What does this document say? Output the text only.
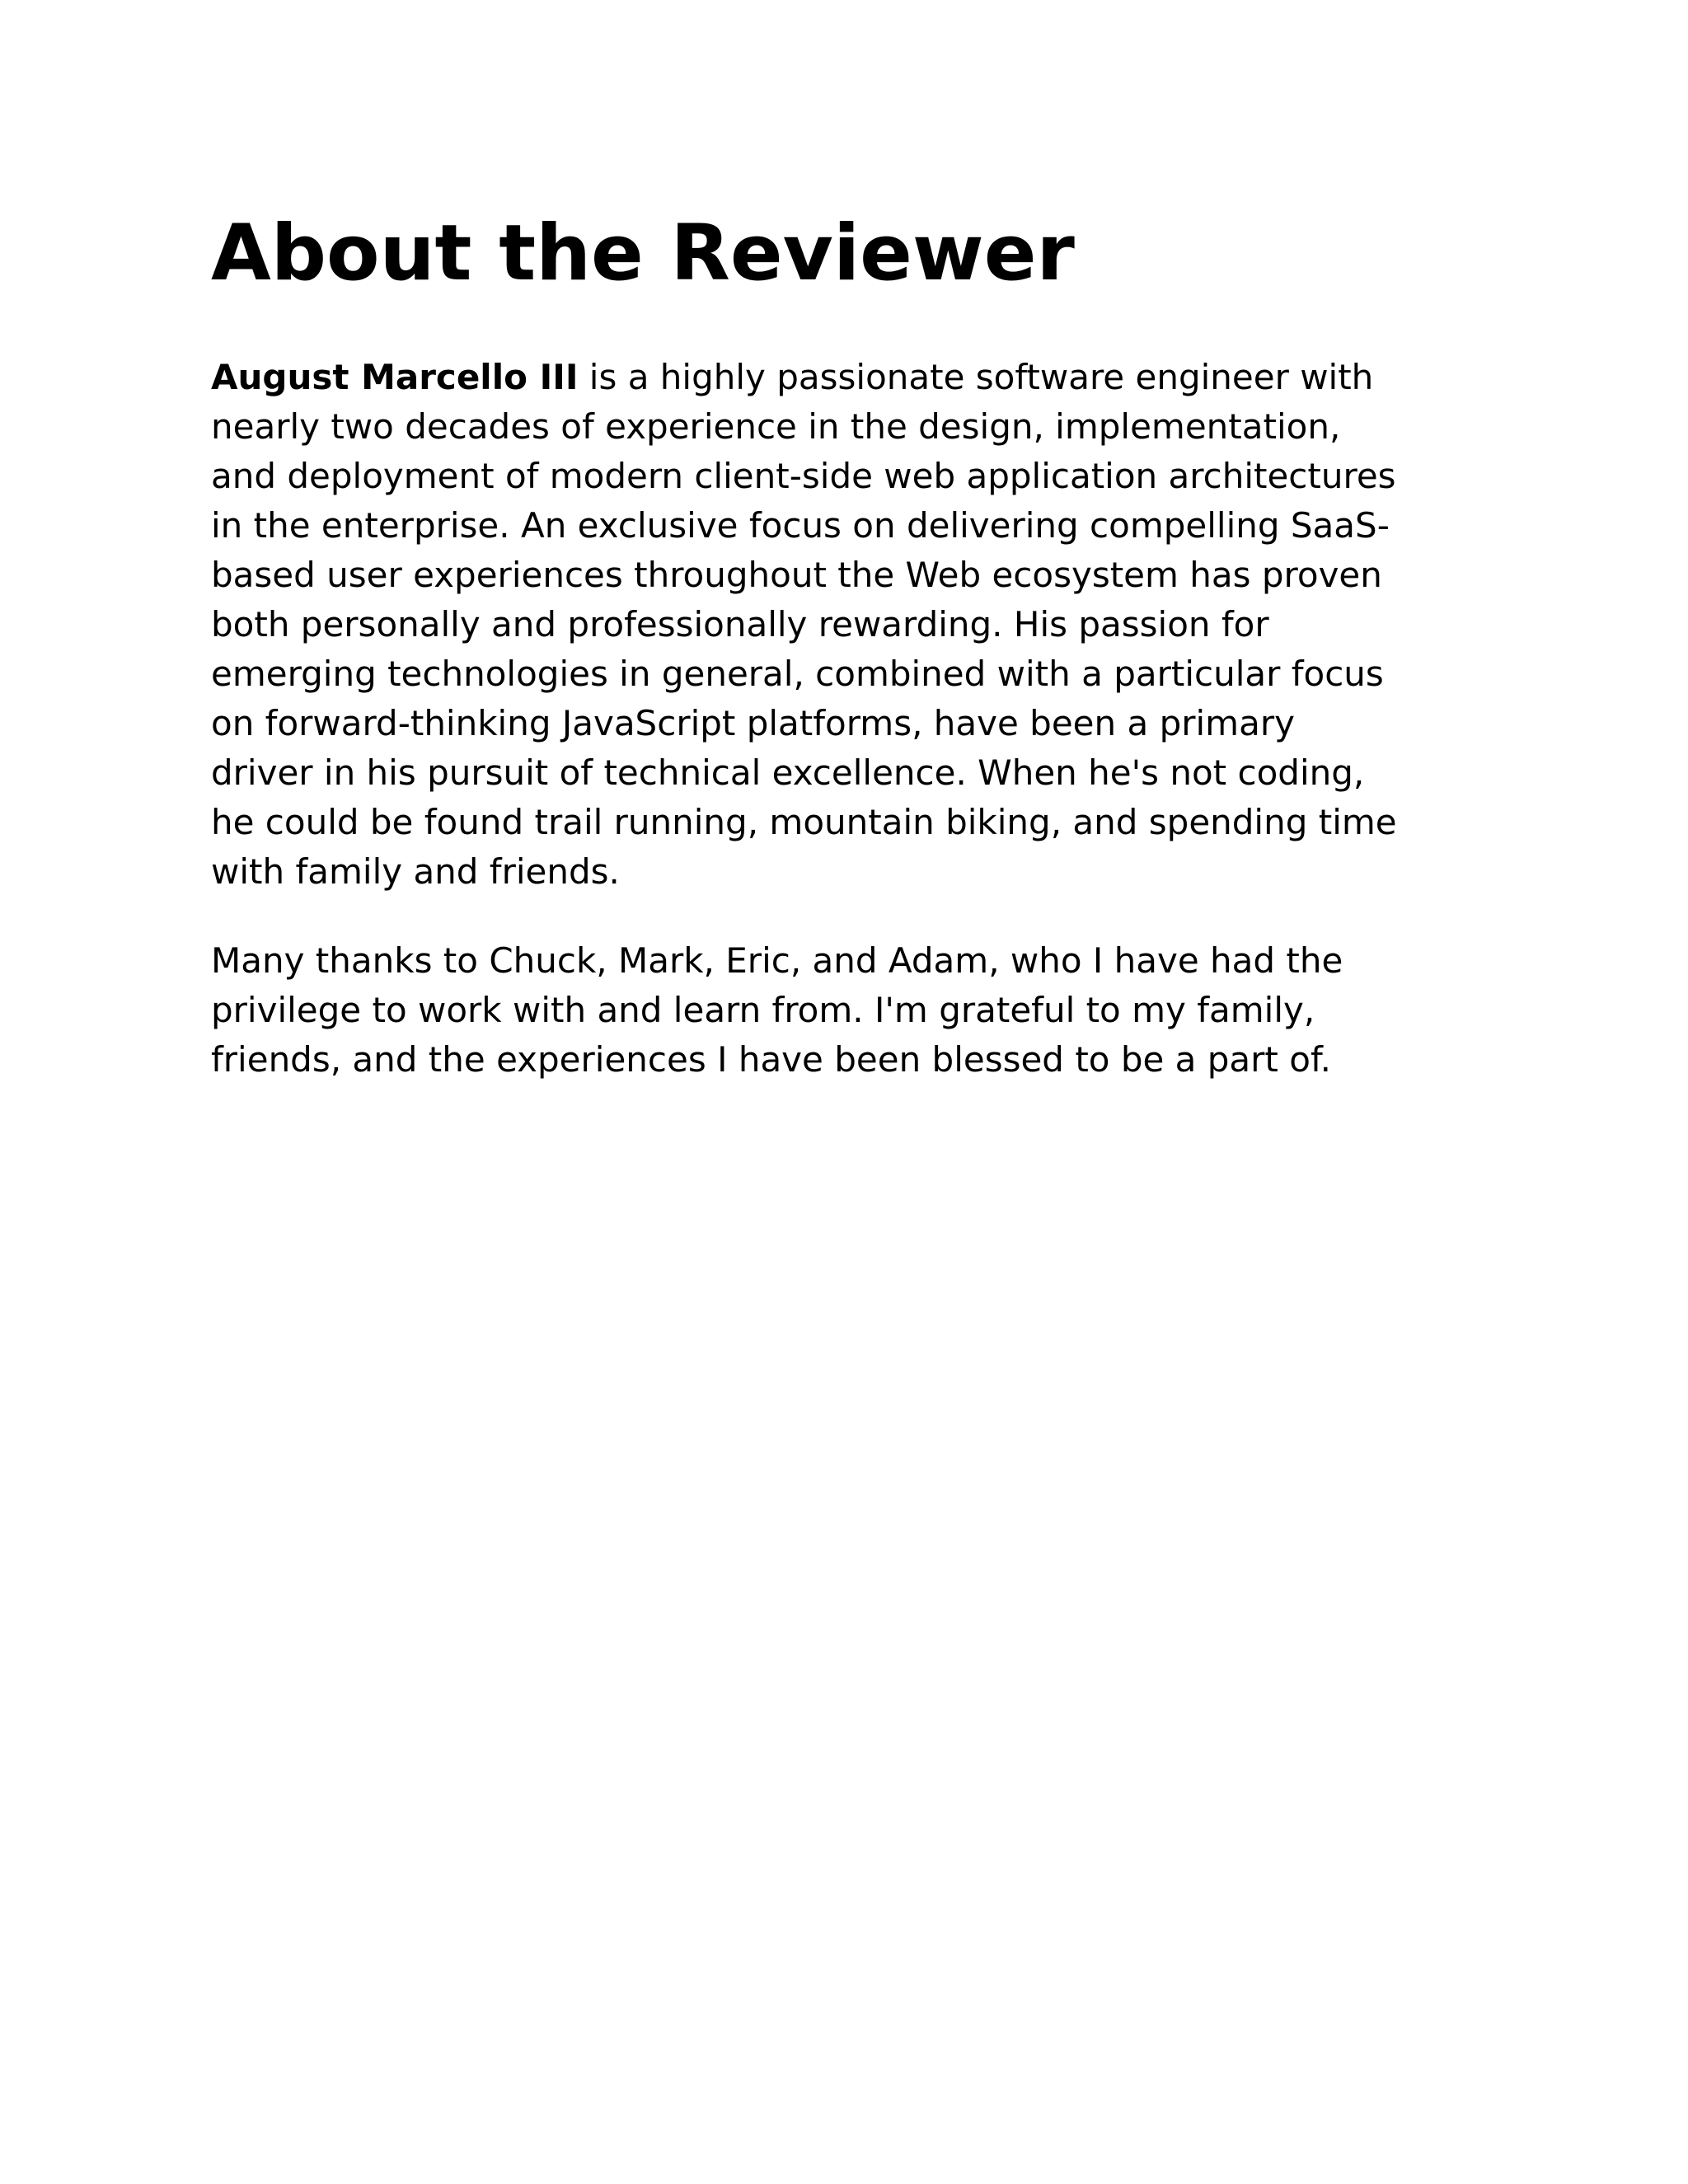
About the Reviewer

August Marcello III is a highly passionate software engineer with
nearly two decades of experience in the design, implementation,
and deployment of modern client-side web application architectures
in the enterprise. An exclusive focus on delivering compelling SaaS-
based user experiences throughout the Web ecosystem has proven
both personally and professionally rewarding. His passion for
emerging technologies in general, combined with a particular focus
on forward-thinking JavaScript platforms, have been a primary
driver in his pursuit of technical excellence. When he's not coding,
he could be found trail running, mountain biking, and spending time
with family and friends.

Many thanks to Chuck, Mark, Eric, and Adam, who I have had the
privilege to work with and learn from. I'm grateful to my family,
friends, and the experiences I have been blessed to be a part of.
